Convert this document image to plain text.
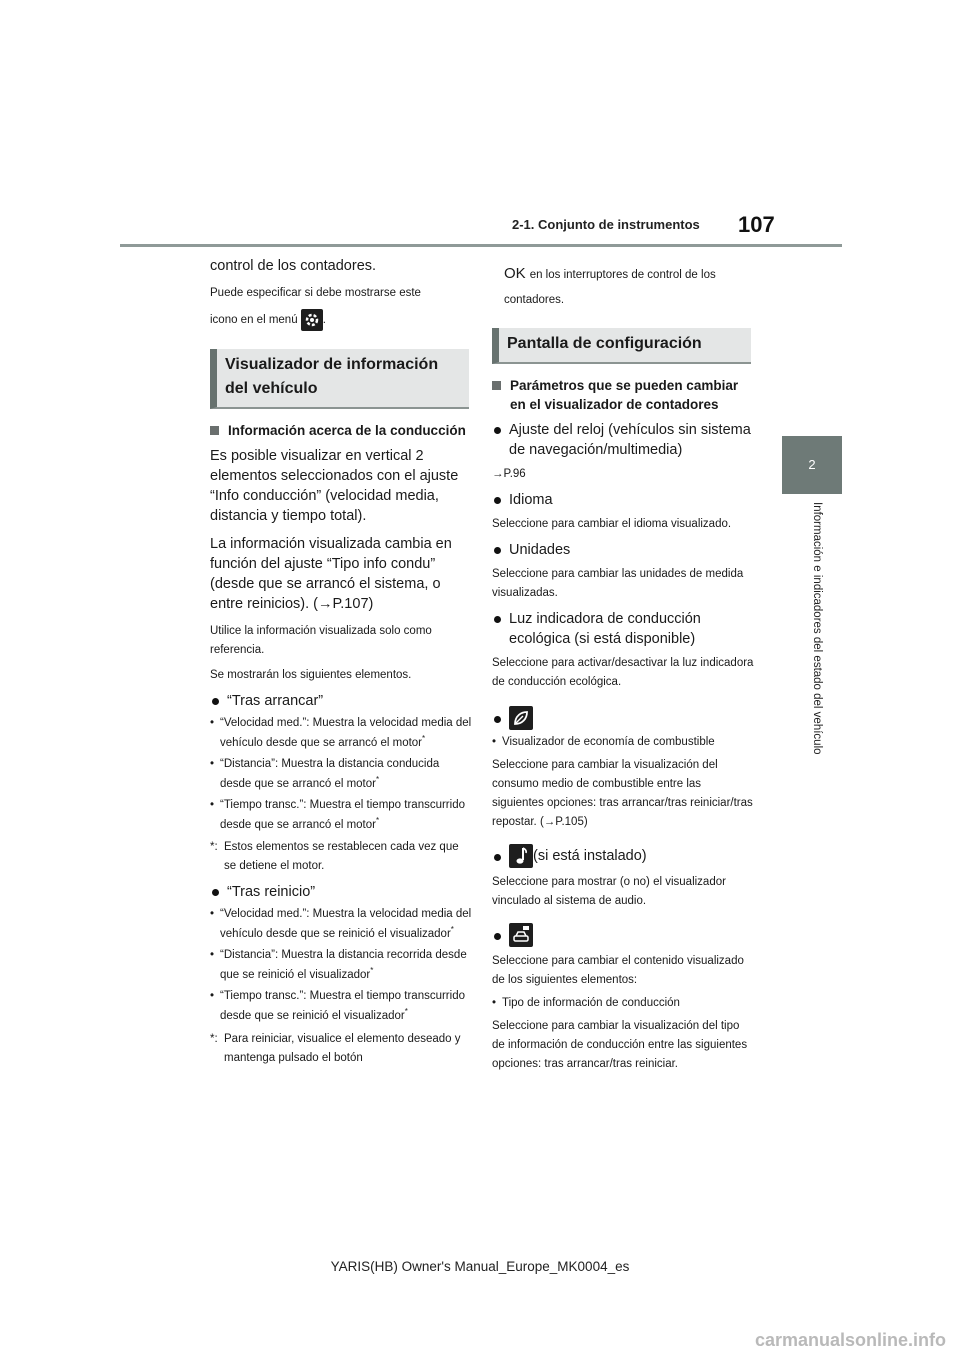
2-1. Conjunto de instrumentos 107
2
Información e indicadores del estado del vehículo

control de los contadores.

Puede especificar si debe mostrarse este

icono en el menú .

Visualizador de información del vehículo
Información acerca de la conducción

Es posible visualizar en vertical 2 elementos seleccionados con el ajuste “Info conducción” (velocidad media, distancia y tiempo total).

La información visualizada cambia en función del ajuste “Tipo info condu” (desde que se arrancó el sistema, o entre reinicios). (→P.107)

Utilice la información visualizada solo como referencia.

Se mostrarán los siguientes elementos.

“Tras arrancar”
• “Velocidad med.”: Muestra la velocidad media del vehículo desde que se arrancó el motor*
• “Distancia”: Muestra la distancia conducida desde que se arrancó el motor*
• “Tiempo transc.”: Muestra el tiempo transcurrido desde que se arrancó el motor*
*: Estos elementos se restablecen cada vez que se detiene el motor.
“Tras reinicio”
• “Velocidad med.”: Muestra la velocidad media del vehículo desde que se reinició el visualizador*
• “Distancia”: Muestra la distancia recorrida desde que se reinició el visualizador*
• “Tiempo transc.”: Muestra el tiempo transcurrido desde que se reinició el visualizador*
*: Para reiniciar, visualice el elemento deseado y mantenga pulsado el botón

OK en los interruptores de control de los

contadores.

Pantalla de configuración
Parámetros que se pueden cambiar en el visualizador de contadores
Ajuste del reloj (vehículos sin sistema de navegación/multimedia)

→P.96

Idioma

Seleccione para cambiar el idioma visualizado.

Unidades

Seleccione para cambiar las unidades de medida visualizadas.

Luz indicadora de conducción ecológica (si está disponible)

Seleccione para activar/desactivar la luz indicadora de conducción ecológica.

• Visualizador de economía de combustible

Seleccione para cambiar la visualización del consumo medio de combustible entre las siguientes opciones: tras arrancar/tras reiniciar/tras repostar. (→P.105)

(si está instalado)

Seleccione para mostrar (o no) el visualizador vinculado al sistema de audio.

Seleccione para cambiar el contenido visualizado de los siguientes elementos:

• Tipo de información de conducción

Seleccione para cambiar la visualización del tipo de información de conducción entre las siguientes opciones: tras arrancar/tras reiniciar.

YARIS(HB) Owner's Manual_Europe_MK0004_es
carmanualsonline.info
